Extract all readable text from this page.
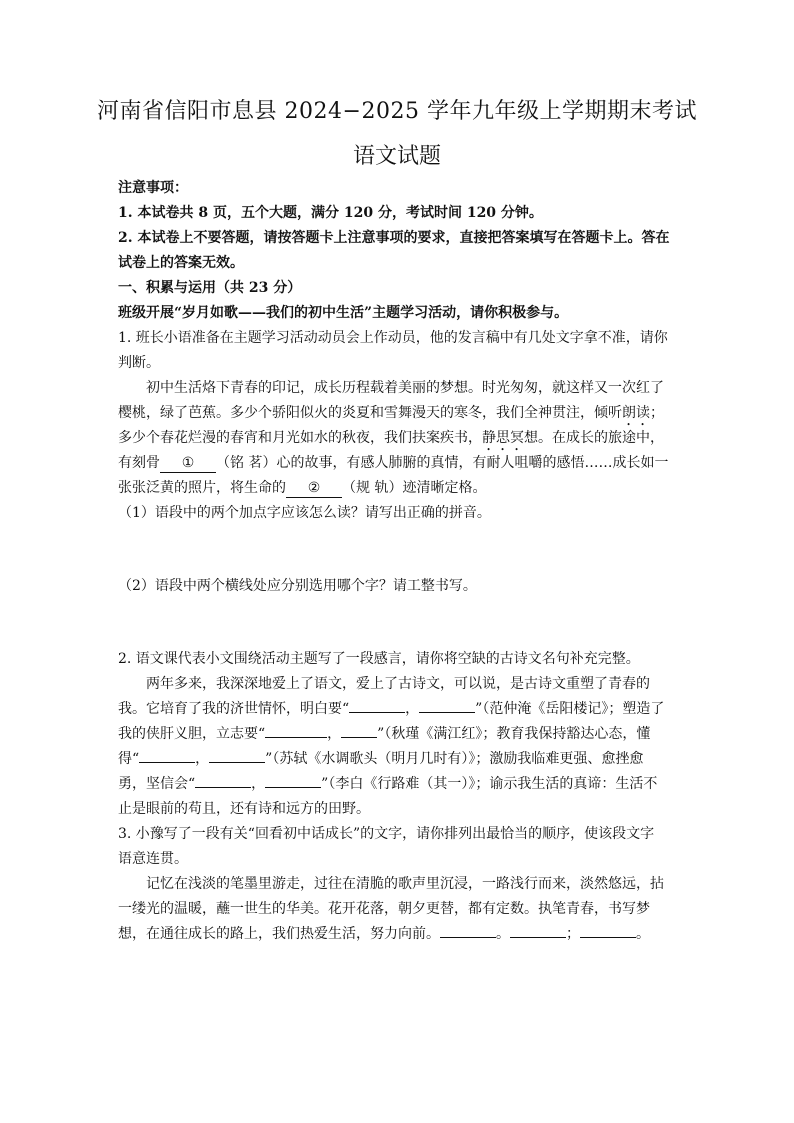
河南省信阳市息县 2024−2025 学年九年级上学期期末考试
语文试题
注意事项：
1. 本试卷共 8 页，五个大题，满分 120 分，考试时间 120 分钟。
2. 本试卷上不要答题，请按答题卡上注意事项的要求，直接把答案填写在答题卡上。答在
试卷上的答案无效。
一、积累与运用（共 23 分）
班级开展“岁月如歌——我们的初中生活”主题学习活动，请你积极参与。
1. 班长小语准备在主题学习活动动员会上作动员，他的发言稿中有几处文字拿不准，请你
判断。
初中生活烙下青春的印记，成长历程载着美丽的梦想。时光匆匆，就这样又一次红了
樱桃，绿了芭蕉。多少个骄阳似火的炎夏和雪舞漫天的寒冬，我们全神贯注，倾听朗读；
多少个春花烂漫的春宵和月光如水的秋夜，我们扶案疾书，静思冥想。在成长的旅途中，
有刻骨 ① （铭 茗）心的故事，有感人肺腑的真情，有耐人咀嚼的感悟……成长如一
张张泛黄的照片，将生命的 ② （规 轨）迹清晰定格。
（1）语段中的两个加点字应该怎么读？请写出正确的拼音。
（2）语段中两个横线处应分别选用哪个字？请工整书写。
2. 语文课代表小文围绕活动主题写了一段感言，请你将空缺的古诗文名句补充完整。
两年多来，我深深地爱上了语文，爱上了古诗文，可以说，是古诗文重塑了青春的
我。它培育了我的济世情怀，明白要“	，	”（范仲淹《岳阳楼记》；塑造了
我的侠肝义胆，立志要“	，	”（秋瑾《满江红》；教育我保持豁达心态，懂
得“	，	”（苏轼《水调歌头（明月几时有）》；激励我临难更强、愈挫愈
勇，坚信会“	，	”（李白《行路难（其一）》；谕示我生活的真谛：生活不
止是眼前的苟且，还有诗和远方的田野。
3. 小豫写了一段有关“回看初中话成长”的文字，请你排列出最恰当的顺序，使该段文字
语意连贯。
记忆在浅淡的笔墨里游走，过往在清脆的歌声里沉浸，一路浅行而来，淡然悠远，拈
一缕光的温暖，蘸一世生的华美。花开花落，朝夕更替，都有定数。执笔青春，书写梦
想，在通往成长的路上，我们热爱生活，努力向前。	。	；	。
